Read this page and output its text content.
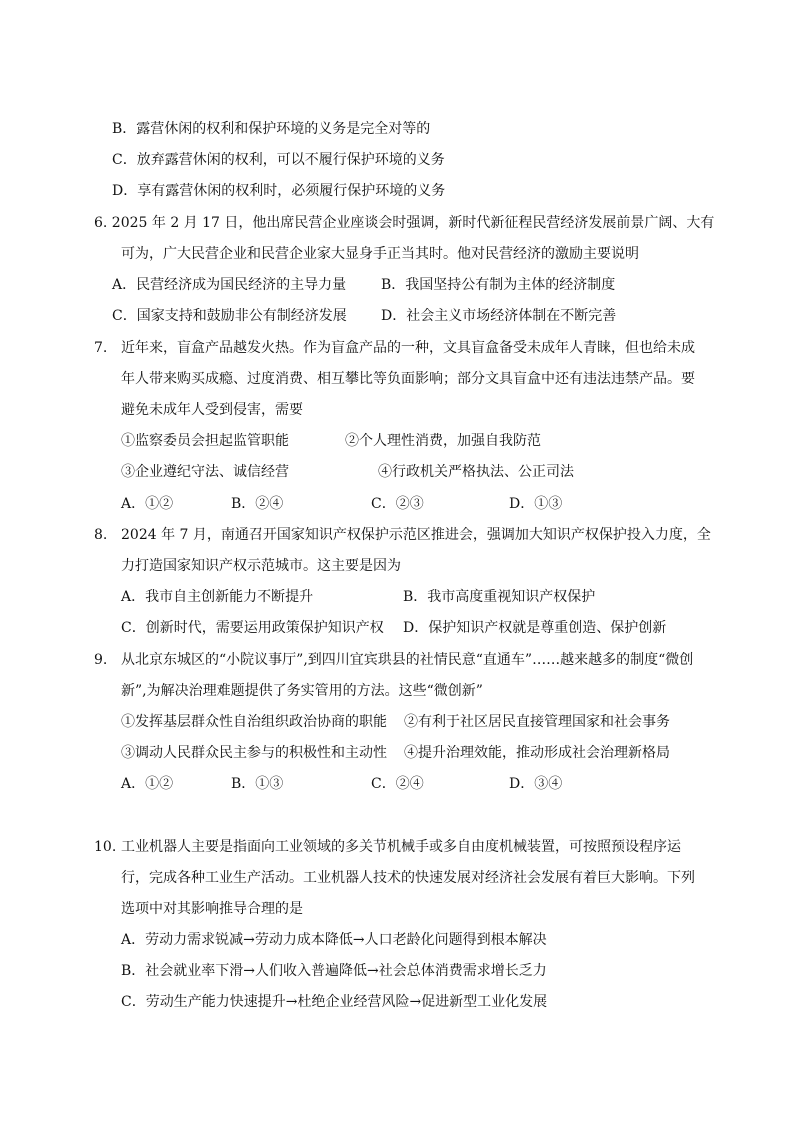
B．露营休闲的权利和保护环境的义务是完全对等的
C．放弃露营休闲的权利，可以不履行保护环境的义务
D．享有露营休闲的权利时，必须履行保护环境的义务
6. 2025 年 2 月 17 日，他出席民营企业座谈会时强调，新时代新征程民营经济发展前景广阔、大有
可为，广大民营企业和民营企业家大显身手正当其时。他对民营经济的激励主要说明
A．民营经济成为国民经济的主导力量 B．我国坚持公有制为主体的经济制度
C．国家支持和鼓励非公有制经济发展 D．社会主义市场经济体制在不断完善
7. 近年来，盲盒产品越发火热。作为盲盒产品的一种，文具盲盒备受未成年人青睐，但也给未成
年人带来购买成瘾、过度消费、相互攀比等负面影响；部分文具盲盒中还有违法违禁产品。要
避免未成年人受到侵害，需要
①监察委员会担起监管职能	②个人理性消费，加强自我防范
③企业遵纪守法、诚信经营	④行政机关严格执法、公正司法
A．①②	B．②④	C．②③	D．①③
8. 2024 年 7 月，南通召开国家知识产权保护示范区推进会，强调加大知识产权保护投入力度，全
力打造国家知识产权示范城市。这主要是因为
A．我市自主创新能力不断提升	B．我市高度重视知识产权保护
C．创新时代，需要运用政策保护知识产权 D．保护知识产权就是尊重创造、保护创新
9. 从北京东城区的“小院议事厅”,到四川宜宾珙县的社情民意“直通车”……越来越多的制度“微创
新”,为解决治理难题提供了务实管用的方法。这些“微创新”
①发挥基层群众性自治组织政治协商的职能 ②有利于社区居民直接管理国家和社会事务
③调动人民群众民主参与的积极性和主动性 ④提升治理效能，推动形成社会治理新格局
A．①②	B．①③	C．②④	D．③④
10. 工业机器人主要是指面向工业领域的多关节机械手或多自由度机械装置，可按照预设程序运
行，完成各种工业生产活动。工业机器人技术的快速发展对经济社会发展有着巨大影响。下列
选项中对其影响推导合理的是
A．劳动力需求锐减→劳动力成本降低→人口老龄化问题得到根本解决
B．社会就业率下滑→人们收入普遍降低→社会总体消费需求增长乏力
C．劳动生产能力快速提升→杜绝企业经营风险→促进新型工业化发展
